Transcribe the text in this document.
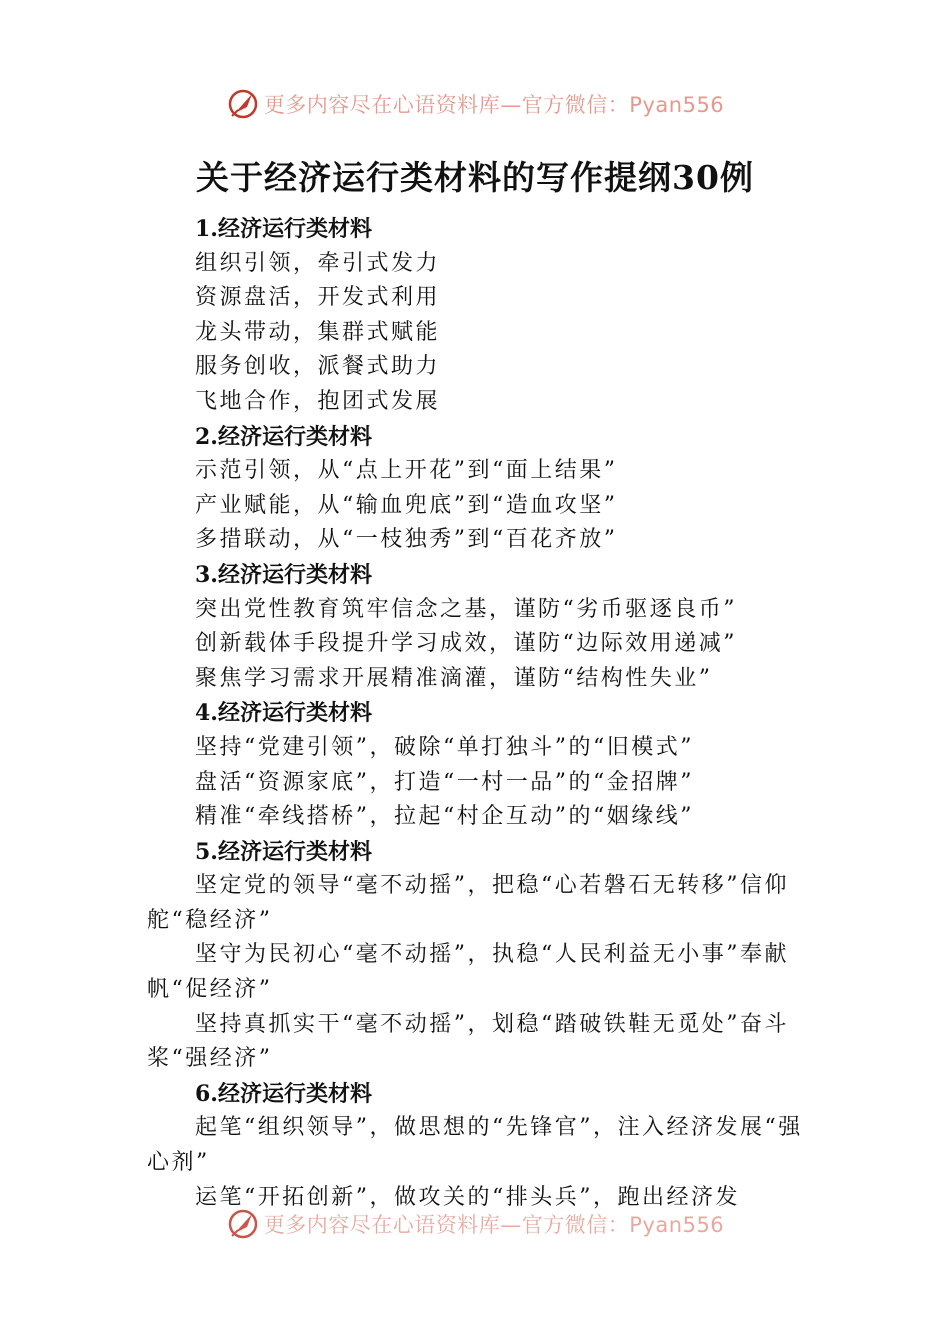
更多内容尽在心语资料库—官方微信：Pyan556
关于经济运行类材料的写作提纲30例
1.经济运行类材料
组织引领，牵引式发力
资源盘活，开发式利用
龙头带动，集群式赋能
服务创收，派餐式助力
飞地合作，抱团式发展
2.经济运行类材料
示范引领，从“点上开花”到“面上结果”
产业赋能，从“输血兜底”到“造血攻坚”
多措联动，从“一枝独秀”到“百花齐放”
3.经济运行类材料
突出党性教育筑牢信念之基，谨防“劣币驱逐良币”
创新载体手段提升学习成效，谨防“边际效用递减”
聚焦学习需求开展精准滴灌，谨防“结构性失业”
4.经济运行类材料
坚持“党建引领”，破除“单打独斗”的“旧模式”
盘活“资源家底”，打造“一村一品”的“金招牌”
精准“牵线搭桥”，拉起“村企互动”的“姻缘线”
5.经济运行类材料
坚定党的领导“毫不动摇”，把稳“心若磐石无转移”信仰舵“稳经济”
坚守为民初心“毫不动摇”，执稳“人民利益无小事”奉献帆“促经济”
坚持真抓实干“毫不动摇”，划稳“踏破铁鞋无觅处”奋斗桨“强经济”
6.经济运行类材料
起笔“组织领导”，做思想的“先锋官”，注入经济发展“强心剂”
运笔“开拓创新”，做攻关的“排头兵”，跑出经济发
更多内容尽在心语资料库—官方微信：Pyan556
